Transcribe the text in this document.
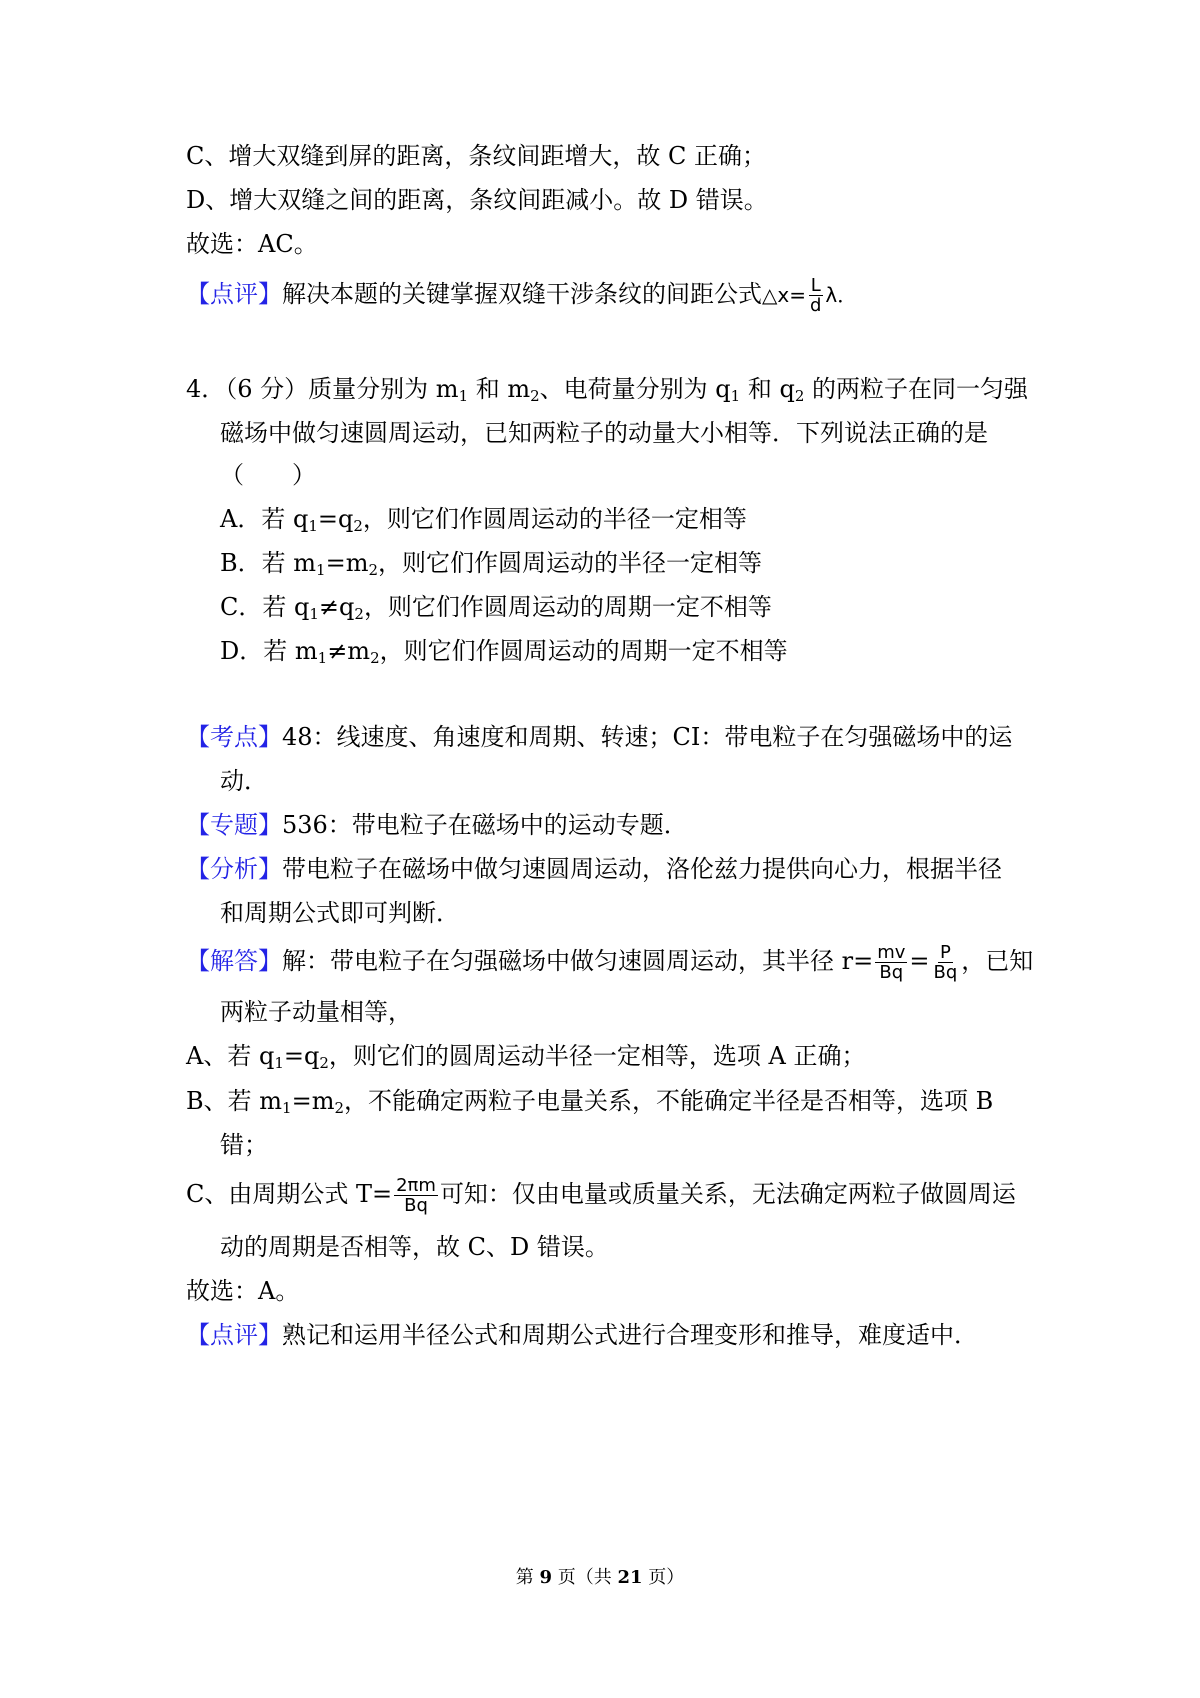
C、增大双缝到屏的距离，条纹间距增大，故 C 正确；
D、增大双缝之间的距离，条纹间距减小。故 D 错误。
故选：AC。
【点评】解决本题的关键掌握双缝干涉条纹的间距公式△x= $\frac{L}{d}$ λ．
4．（6 分）质量分别为 $m_1$ 和 $m_2$、电荷量分别为 $q_1$ 和 $q_2$ 的两粒子在同一匀强
磁场中做匀速圆周运动，已知两粒子的动量大小相等．下列说法正确的是
（　　）
A．若 $q_1=q_2$，则它们作圆周运动的半径一定相等
B．若 $m_1=m_2$，则它们作圆周运动的半径一定相等
C．若 $q_1\ne q_2$，则它们作圆周运动的周期一定不相等
D．若 $m_1\ne m_2$，则它们作圆周运动的周期一定不相等
【考点】48：线速度、角速度和周期、转速；CI：带电粒子在匀强磁场中的运
动．
【专题】536：带电粒子在磁场中的运动专题．
【分析】带电粒子在磁场中做匀速圆周运动，洛伦兹力提供向心力，根据半径
和周期公式即可判断．
【解答】解：带电粒子在匀强磁场中做匀速圆周运动，其半径 $r= \frac{mv}{Bq} = \frac{P}{Bq}$ ，已知
两粒子动量相等，
A、若 $q_1=q_2$，则它们的圆周运动半径一定相等，选项 A 正确；
B、若 $m_1=m_2$，不能确定两粒子电量关系，不能确定半径是否相等，选项 B
错；
C、由周期公式 $T= \frac{2\pi m}{Bq}$ 可知：仅由电量或质量关系，无法确定两粒子做圆周运
动的周期是否相等，故 C、D 错误。
故选：A。
【点评】熟记和运用半径公式和周期公式进行合理变形和推导，难度适中．
第 9 页（共 21 页）
